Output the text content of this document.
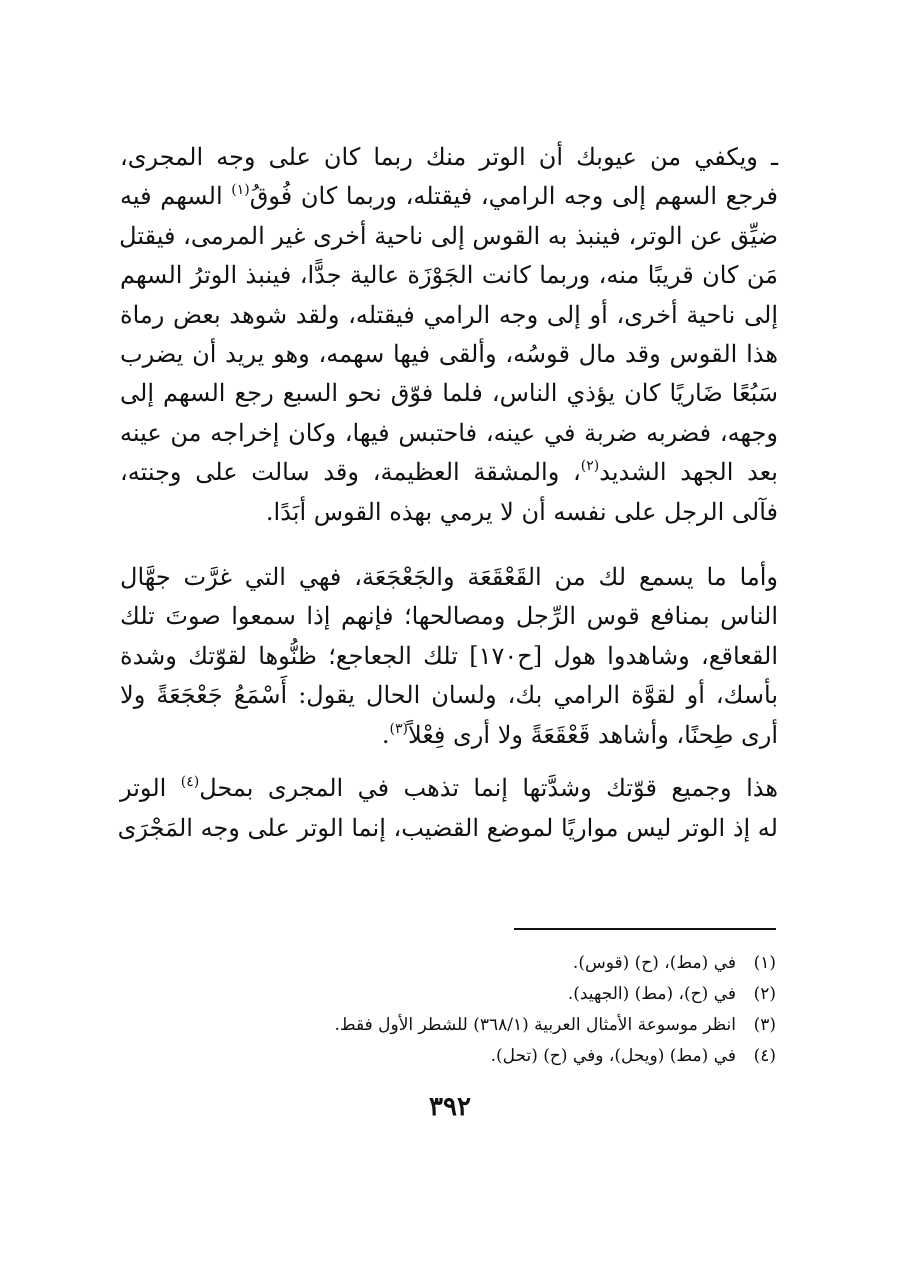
ـ ويكفي من عيوبك أن الوتر منك ربما كان على وجه المجرى،
فرجع السهم إلى وجه الرامي، فيقتله، وربما كان فُوقُ$^{(١)}$ السهم فيه
ضيِّق عن الوتر، فينبذ به القوس إلى ناحية أخرى غير المرمى، فيقتل
مَن كان قريبًا منه، وربما كانت الجَوْزَة عالية جدًّا، فينبذ الوترُ السهم
إلى ناحية أخرى، أو إلى وجه الرامي فيقتله، ولقد شوهد بعض رماة
هذا القوس وقد مال قوسُه، وألقى فيها سهمه، وهو يريد أن يضرب
سَبُعًا ضَاريًا كان يؤذي الناس، فلما فوّق نحو السبع رجع السهم إلى
وجهه، فضربه ضربة في عينه، فاحتبس فيها، وكان إخراجه من عينه
بعد الجهد الشديد$^{(٢)}$، والمشقة العظيمة، وقد سالت على وجنته،
فآلى الرجل على نفسه أن لا يرمي بهذه القوس أبَدًا.

وأما ما يسمع لك من القَعْقَعَة والجَعْجَعَة، فهي التي غرَّت جهَّال
الناس بمنافع قوس الرِّجل ومصالحها؛ فإنهم إذا سمعوا صوتَ تلك
القعاقع، وشاهدوا هول [ح١٧٠] تلك الجعاجع؛ ظنُّوها لقوّتك وشدة
بأسك، أو لقوَّة الرامي بك، ولسان الحال يقول: أَسْمَعُ جَعْجَعَةً ولا
أرى طِحنًا، وأشاهد قَعْقَعَةً ولا أرى فِعْلاً$^{(٣)}$.

هذا وجميع قوّتك وشدَّتها إنما تذهب في المجرى بمحل$^{(٤)}$ الوتر
له إذ الوتر ليس مواريًا لموضع القضيب، إنما الوتر على وجه المَجْرَى

(١)في (مط)، (ح) (قوس).
(٢)في (ح)، (مط) (الجهيد).
(٣)انظر موسوعة الأمثال العربية (٣٦٨/١) للشطر الأول فقط.
(٤)في (مط) (ويحل)، وفي (ح) (تحل).
٣٩٢
